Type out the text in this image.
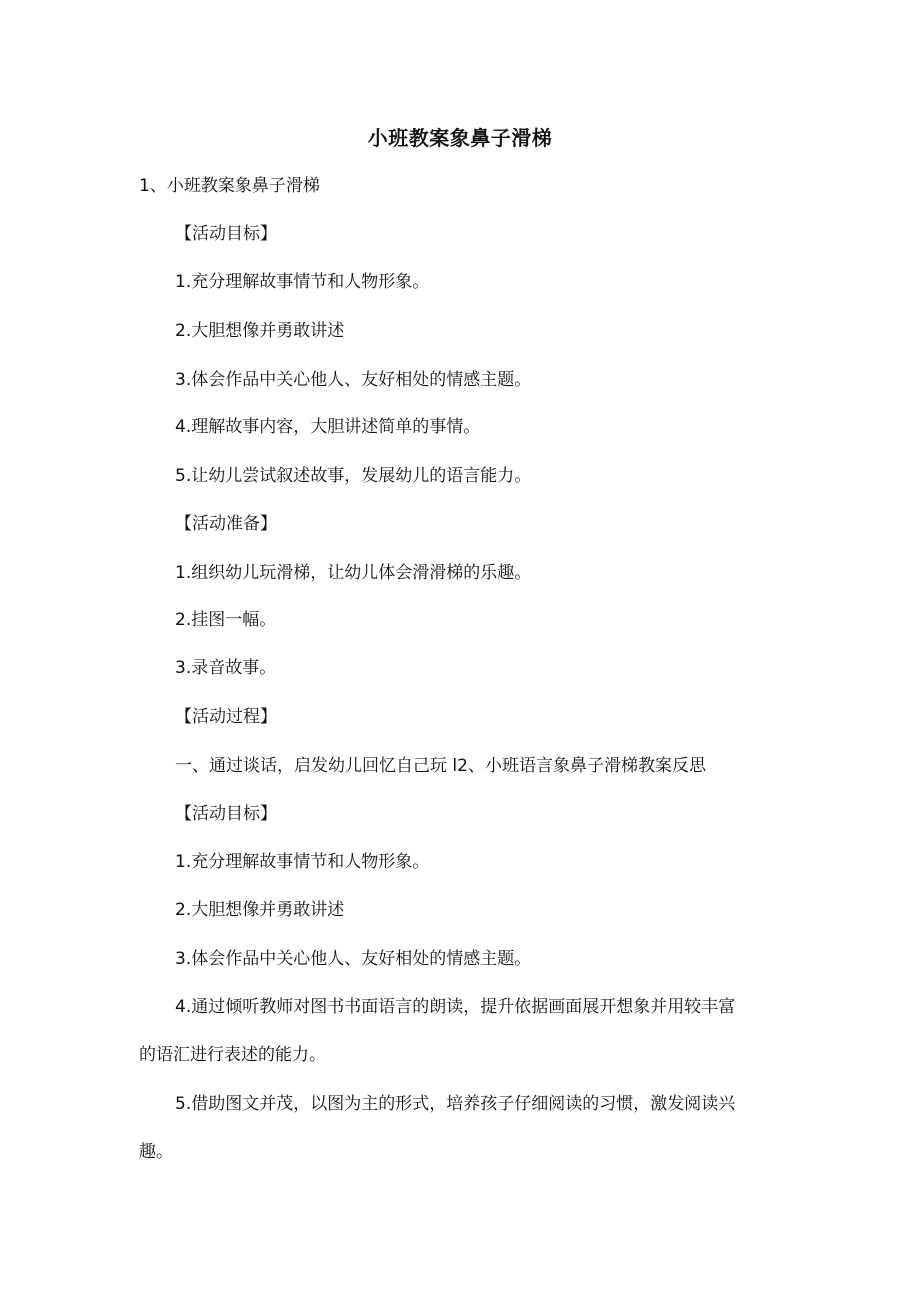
小班教案象鼻子滑梯
1、小班教案象鼻子滑梯
【活动目标】
1.充分理解故事情节和人物形象。
2.大胆想像并勇敢讲述
3.体会作品中关心他人、友好相处的情感主题。
4.理解故事内容，大胆讲述简单的事情。
5.让幼儿尝试叙述故事，发展幼儿的语言能力。
【活动准备】
1.组织幼儿玩滑梯，让幼儿体会滑滑梯的乐趣。
2.挂图一幅。
3.录音故事。
【活动过程】
一、通过谈话，启发幼儿回忆自己玩 l2、小班语言象鼻子滑梯教案反思
【活动目标】
1.充分理解故事情节和人物形象。
2.大胆想像并勇敢讲述
3.体会作品中关心他人、友好相处的情感主题。
4.通过倾听教师对图书书面语言的朗读，提升依据画面展开想象并用较丰富
的语汇进行表述的能力。
5.借助图文并茂，以图为主的形式，培养孩子仔细阅读的习惯，激发阅读兴
趣。
